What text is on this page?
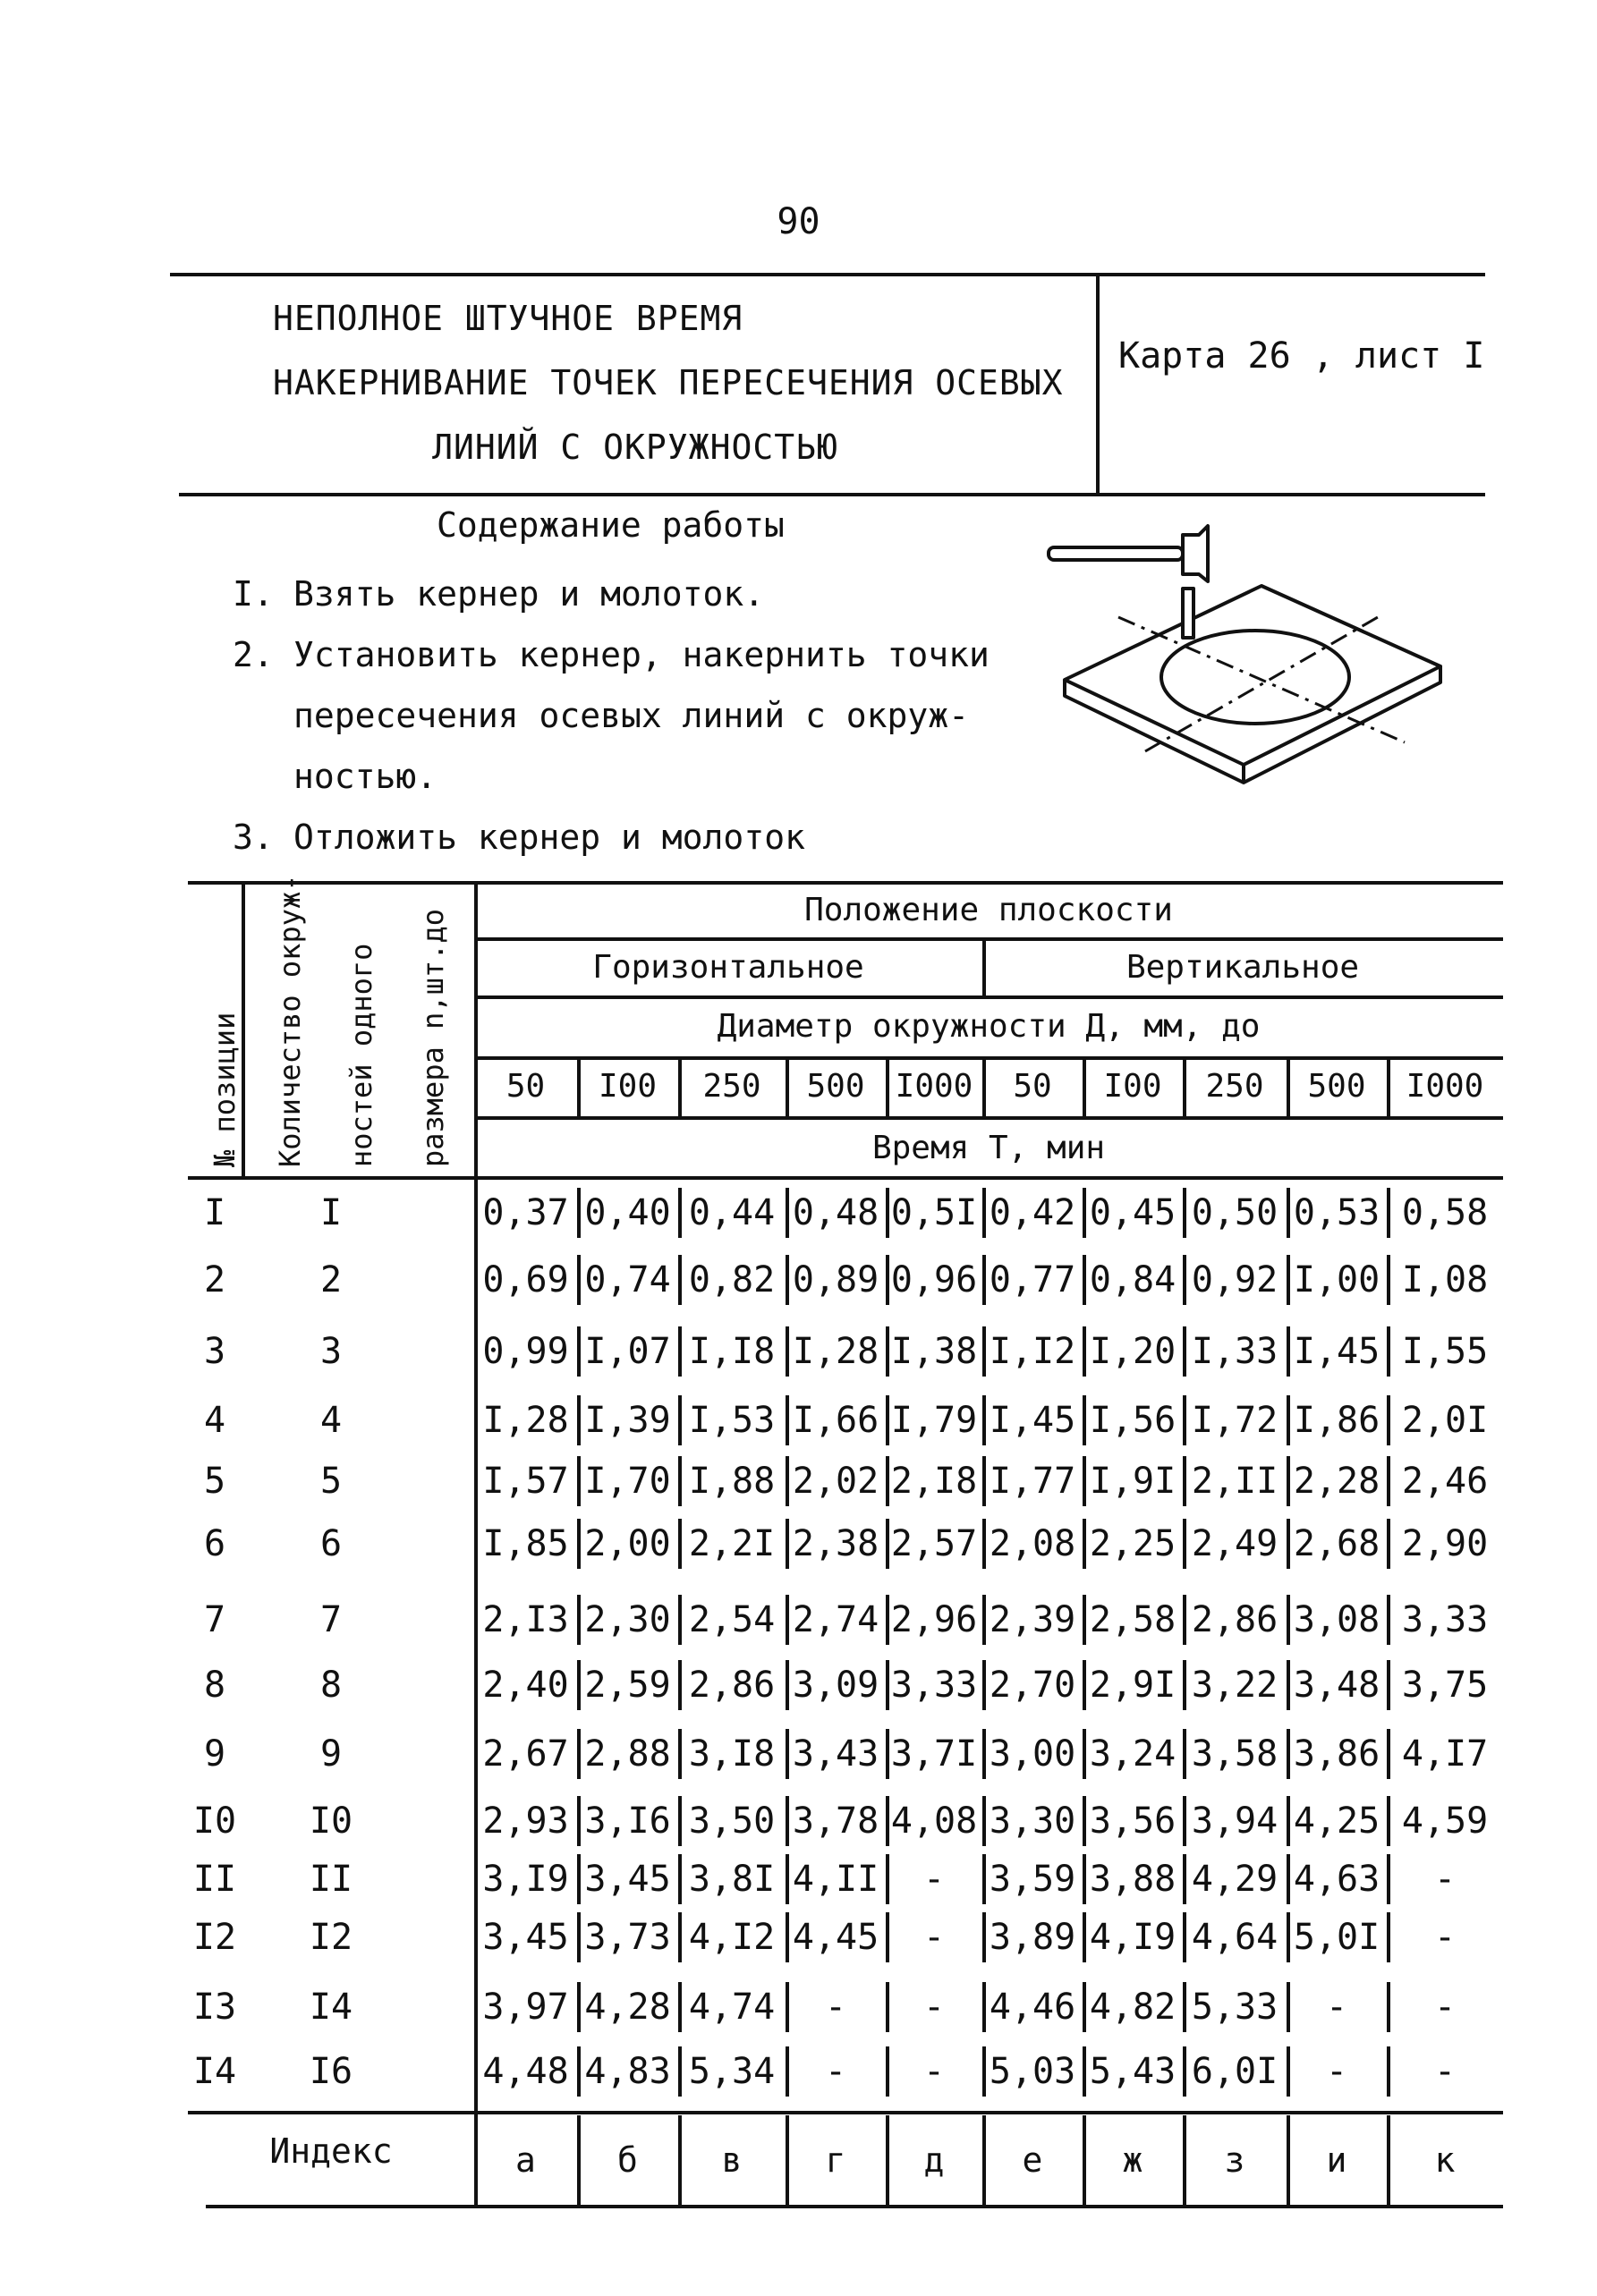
90
НЕПОЛНОЕ ШТУЧНОЕ ВРЕМЯ
НАКЕРНИВАНИЕ ТОЧЕК ПЕРЕСЕЧЕНИЯ ОСЕВЫХ
ЛИНИЙ С ОКРУЖНОСТЬЮ
Карта 26 , лист I
Содержание работы
I. Взять кернер и молоток.
2. Установить кернер, накернить точки
пересечения осевых линий с окруж-
ностью.
3. Отложить кернер и молоток
№ позиции Количество окруж- ностей одного размера n,шт.до	Положение плоскости
Горизонтальное	Вертикальное
Диаметр окружности Д, мм, до
Время Т, мин
50	I00	250	500 I000	50	I00	250	500	I000
I	I	0,37 0,40 0,44 0,48 0,5I 0,42 0,45 0,50 0,53 0,58
2	2	0,69 0,74 0,82 0,89 0,96 0,77 0,84 0,92 I,00 I,08
3	3	0,99 I,07 I,I8 I,28 I,38 I,I2 I,20 I,33 I,45 I,55
4	4	I,28 I,39 I,53 I,66 I,79 I,45 I,56 I,72 I,86 2,0I
5	5	I,57 I,70 I,88 2,02 2,I8 I,77 I,9I 2,II 2,28 2,46
6	6	I,85 2,00 2,2I 2,38 2,57 2,08 2,25 2,49 2,68 2,90
7	7	2,I3 2,30 2,54 2,74 2,96 2,39 2,58 2,86 3,08 3,33
8	8	2,40 2,59 2,86 3,09 3,33 2,70 2,9I 3,22 3,48 3,75
9	9	2,67 2,88 3,I8 3,43 3,7I 3,00 3,24 3,58 3,86 4,I7
I0	I0	2,93 3,I6 3,50 3,78 4,08 3,30 3,56 3,94 4,25 4,59
II	II	3,I9 3,45 3,8I 4,II	-	3,59 3,88 4,29 4,63	-
I2	I2	3,45 3,73 4,I2 4,45	-	3,89 4,I9 4,64 5,0I	-
I3	I4	3,97 4,28 4,74	-	-	4,46 4,82 5,33	-	-
I4	I6	4,48 4,83 5,34	-	-	5,03 5,43 6,0I	-	-
Индекс	а	б	в	г	д	е	ж	з	и	к
